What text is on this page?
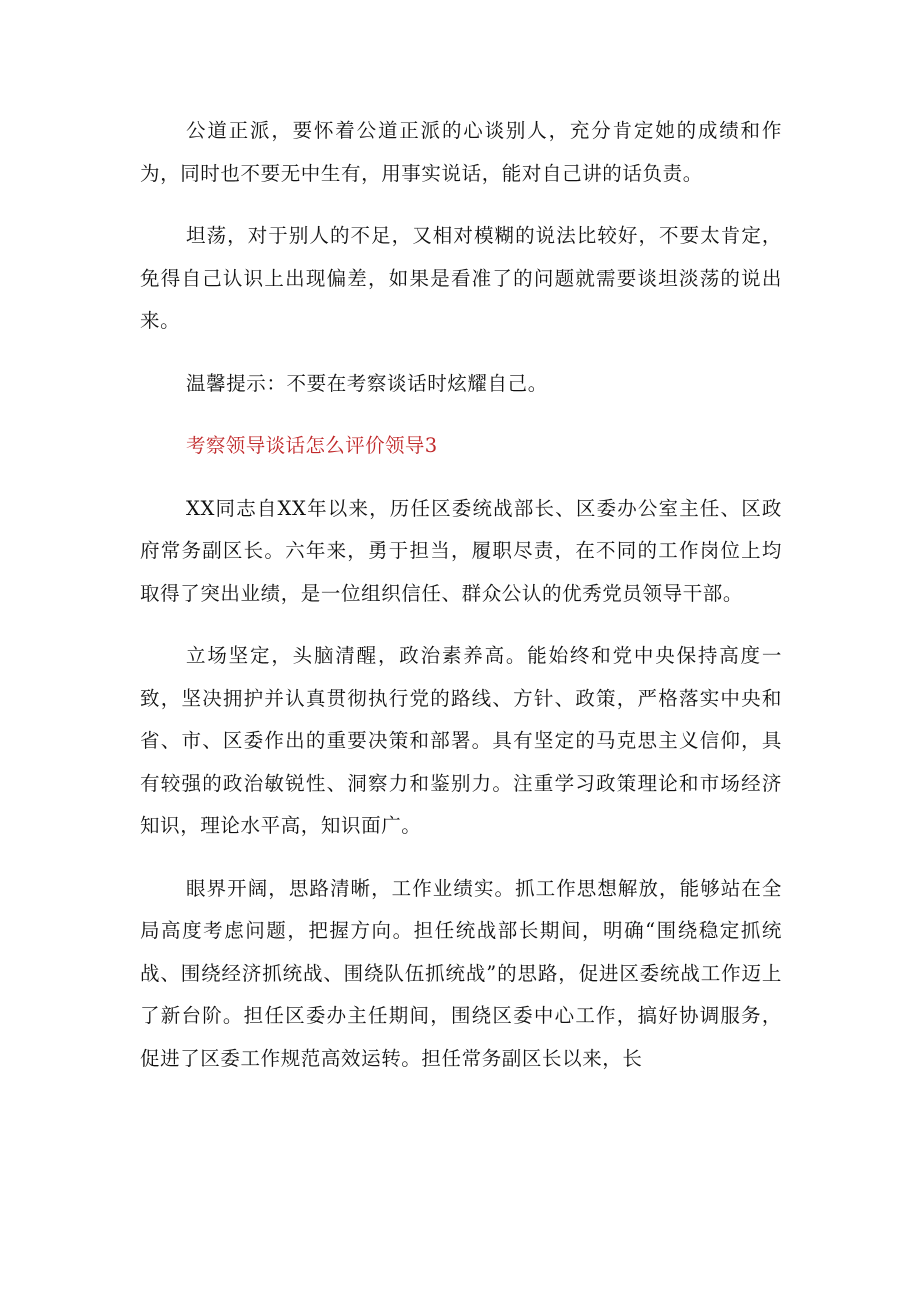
公道正派，要怀着公道正派的心谈别人，充分肯定她的成绩和作为，同时也不要无中生有，用事实说话，能对自己讲的话负责。

坦荡，对于别人的不足，又相对模糊的说法比较好，不要太肯定，免得自己认识上出现偏差，如果是看准了的问题就需要谈坦淡荡的说出来。

温馨提示：不要在考察谈话时炫耀自己。

考察领导谈话怎么评价领导3

XX同志自XX年以来，历任区委统战部长、区委办公室主任、区政府常务副区长。六年来，勇于担当，履职尽责，在不同的工作岗位上均取得了突出业绩，是一位组织信任、群众公认的优秀党员领导干部。

立场坚定，头脑清醒，政治素养高。能始终和党中央保持高度一致，坚决拥护并认真贯彻执行党的路线、方针、政策，严格落实中央和省、市、区委作出的重要决策和部署。具有坚定的马克思主义信仰，具有较强的政治敏锐性、洞察力和鉴别力。注重学习政策理论和市场经济知识，理论水平高，知识面广。

眼界开阔，思路清晰，工作业绩实。抓工作思想解放，能够站在全局高度考虑问题，把握方向。担任统战部长期间，明确“围绕稳定抓统战、围绕经济抓统战、围绕队伍抓统战”的思路，促进区委统战工作迈上了新台阶。担任区委办主任期间，围绕区委中心工作，搞好协调服务，促进了区委工作规范高效运转。担任常务副区长以来，长
